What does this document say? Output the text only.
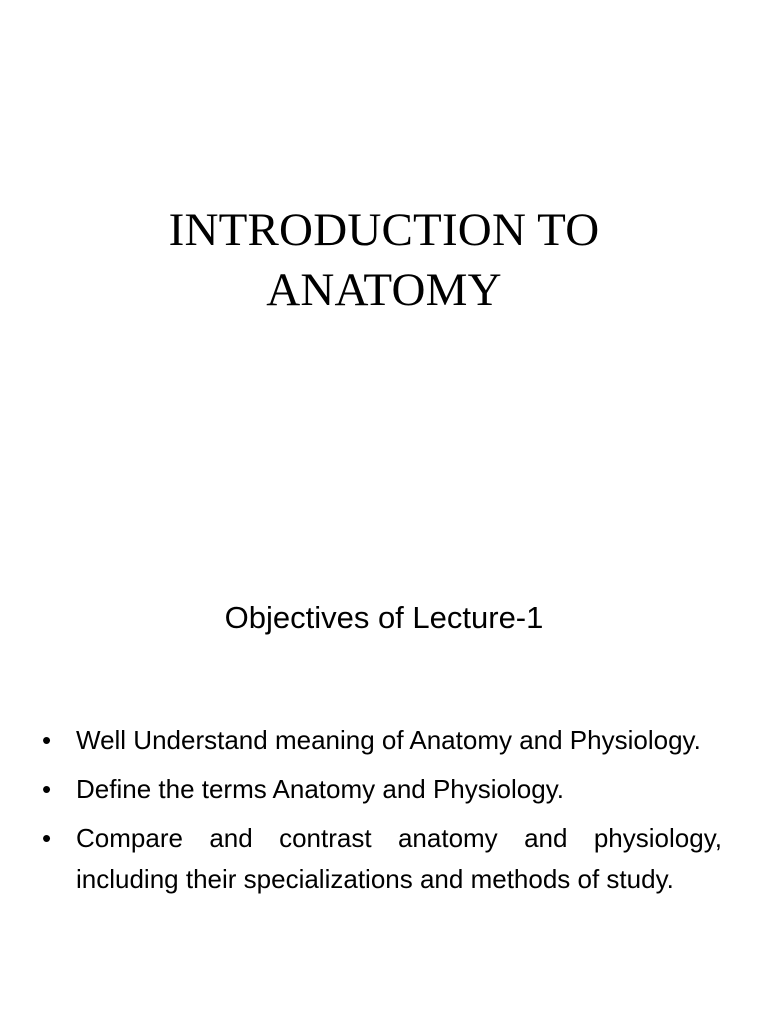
INTRODUCTION TO
ANATOMY
Objectives of Lecture-1
• Well Understand meaning of Anatomy and Physiology.
• Define the terms Anatomy and Physiology.
• Compare and contrast anatomy and physiology, including their specializations and methods of study.
